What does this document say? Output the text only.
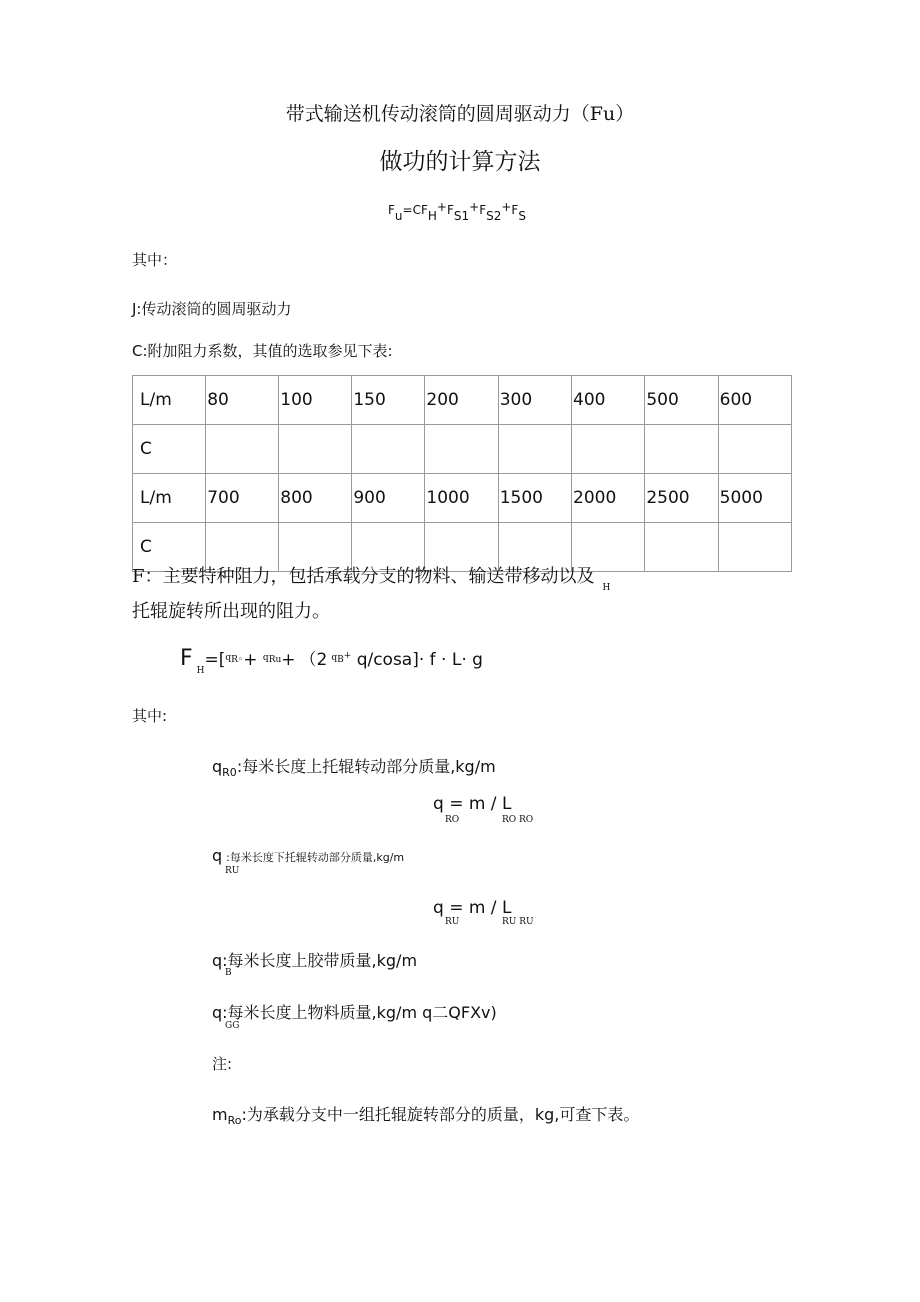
带式输送机传动滚筒的圆周驱动力（Fu）
做功的计算方法
$F_u=CF_H^+F_{S1}^+F_{S2}^+F_S$
其中：
J:传动滚筒的圆周驱动力
C:附加阻力系数，其值的选取参见下表:
L/m	80	100	150	200	300	400	500	600
C								
L/m	700	800	900	1000	1500	2000	2500	5000
C								
F：主要特种阻力，包括承载分支的物料、输送带移动以及$_H$
托辊旋转所出现的阻力。
F $_H$=[$^q$R◦+ $^q$Ru+ （2 $^q$B+ q/cosa]· f · L· g
其中:
$q_{R0}$:每米长度上托辊转动部分质量,kg/m
q = m / L
RO	RO RO
q :每米长度下托辊转动部分质量,kg/m
RU
q = m / L
RU	RU RU
q:每米长度上胶带质量,kg/m
B
q:每米长度上物料质量,kg/m q二QFXv)
GG
注:
$m_{Ro}$:为承载分支中一组托辊旋转部分的质量，kg,可查下表。
